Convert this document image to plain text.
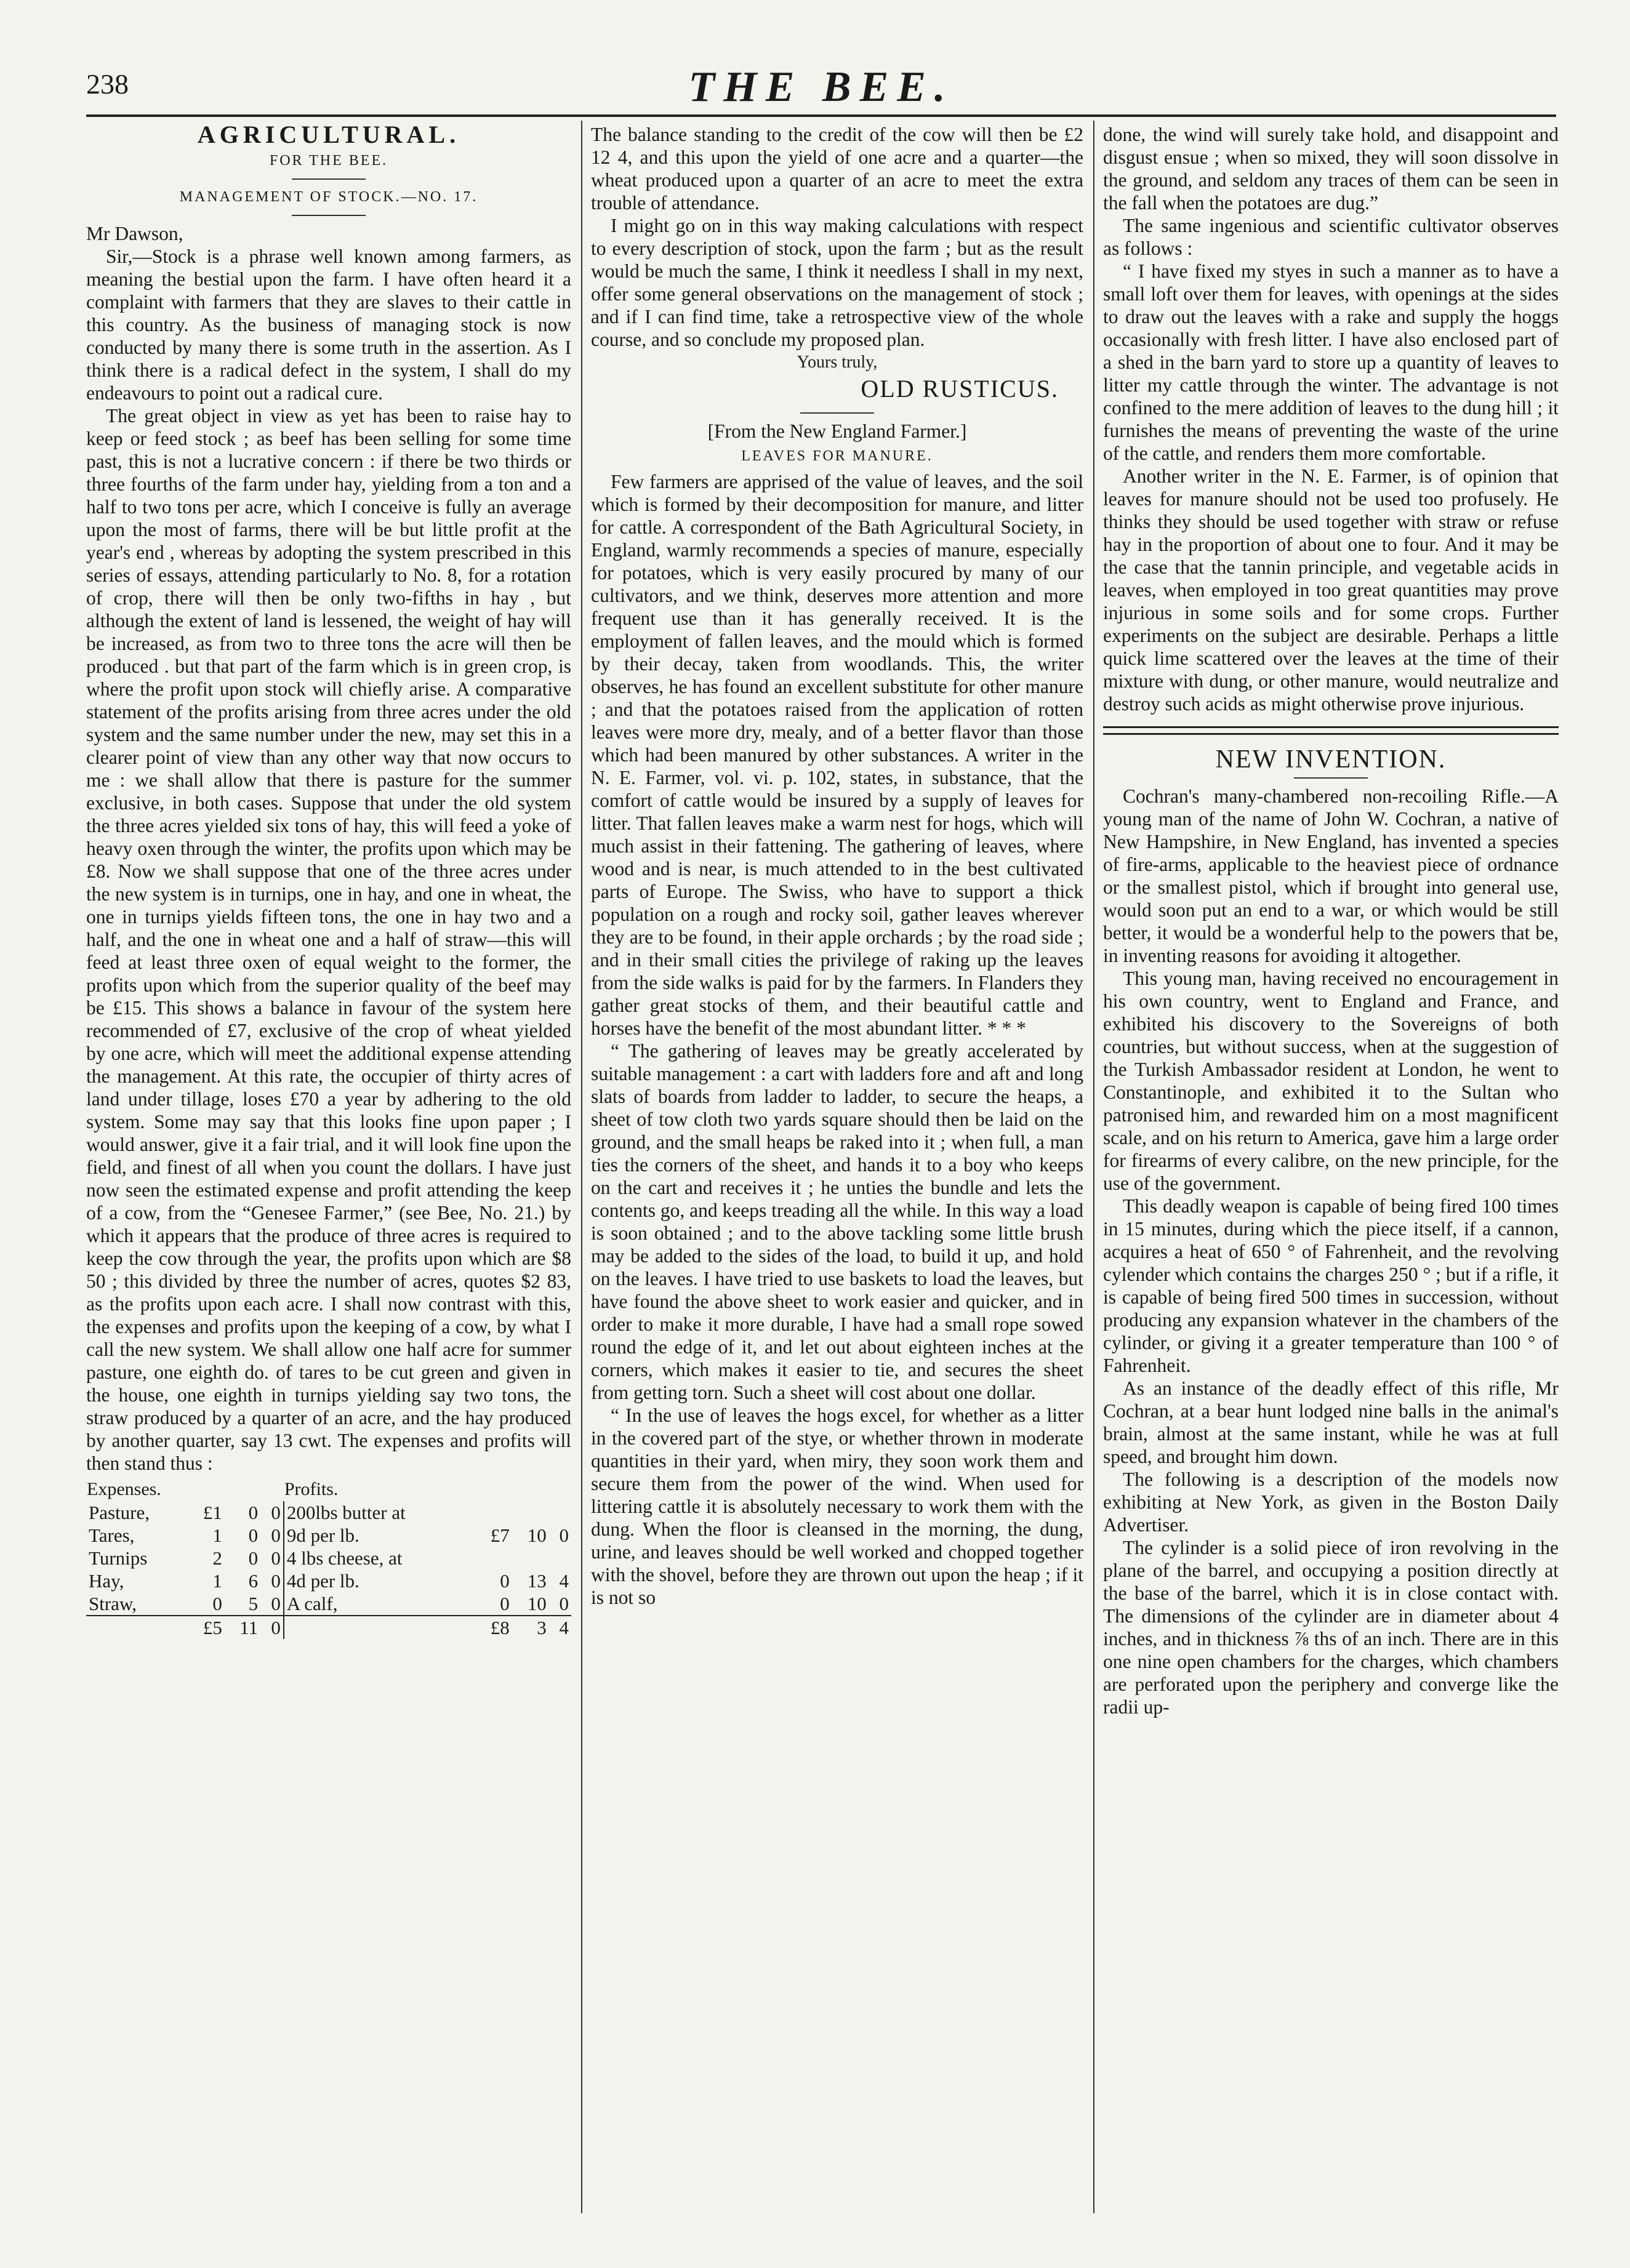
238	THE BEE.
AGRICULTURAL.
FOR THE BEE.
MANAGEMENT OF STOCK.—NO. 17.

Mr Dawson,

Sir,—Stock is a phrase well known among farmers, as meaning the bestial upon the farm. I have often heard it a complaint with farmers that they are slaves to their cattle in this country. As the business of managing stock is now conducted by many there is some truth in the assertion. As I think there is a radical defect in the system, I shall do my endeavours to point out a radical cure.

The great object in view as yet has been to raise hay to keep or feed stock ; as beef has been selling for some time past, this is not a lucrative concern : if there be two thirds or three fourths of the farm under hay, yielding from a ton and a half to two tons per acre, which I conceive is fully an average upon the most of farms, there will be but little profit at the year's end , whereas by adopting the system prescribed in this series of essays, attending particularly to No. 8, for a rotation of crop, there will then be only two-fifths in hay , but although the extent of land is lessened, the weight of hay will be increased, as from two to three tons the acre will then be produced . but that part of the farm which is in green crop, is where the profit upon stock will chiefly arise. A comparative statement of the profits arising from three acres under the old system and the same number under the new, may set this in a clearer point of view than any other way that now occurs to me : we shall allow that there is pasture for the summer exclusive, in both cases. Suppose that under the old system the three acres yielded six tons of hay, this will feed a yoke of heavy oxen through the winter, the profits upon which may be £8. Now we shall suppose that one of the three acres under the new system is in turnips, one in hay, and one in wheat, the one in turnips yields fifteen tons, the one in hay two and a half, and the one in wheat one and a half of straw—this will feed at least three oxen of equal weight to the former, the profits upon which from the superior quality of the beef may be £15. This shows a balance in favour of the system here recommended of £7, exclusive of the crop of wheat yielded by one acre, which will meet the additional expense attending the management. At this rate, the occupier of thirty acres of land under tillage, loses £70 a year by adhering to the old system. Some may say that this looks fine upon paper ; I would answer, give it a fair trial, and it will look fine upon the field, and finest of all when you count the dollars. I have just now seen the estimated expense and profit attending the keep of a cow, from the “Genesee Farmer,” (see Bee, No. 21.) by which it appears that the produce of three acres is required to keep the cow through the year, the profits upon which are $8 50 ; this divided by three the number of acres, quotes $2 83, as the profits upon each acre. I shall now contrast with this, the expenses and profits upon the keeping of a cow, by what I call the new system. We shall allow one half acre for summer pasture, one eighth do. of tares to be cut green and given in the house, one eighth in turnips yielding say two tons, the straw produced by a quarter of an acre, and the hay produced by another quarter, say 13 cwt. The expenses and profits will then stand thus :

Expenses.				Profits.			
Pasture,	£1	0	0	200lbs butter at			
Tares,	1	0	0	9d per lb.	£7	10	0
Turnips	2	0	0	4 lbs cheese, at			
Hay,	1	6	0	4d per lb.	0	13	4
Straw,	0	5	0	A calf,	0	10	0
	£5	11	0		£8	3	4

The balance standing to the credit of the cow will then be £2 12 4, and this upon the yield of one acre and a quarter—the wheat produced upon a quarter of an acre to meet the extra trouble of attendance.

I might go on in this way making calculations with respect to every description of stock, upon the farm ; but as the result would be much the same, I think it needless I shall in my next, offer some general observations on the management of stock ; and if I can find time, take a retrospective view of the whole course, and so conclude my proposed plan.

Yours truly,
OLD RUSTICUS.
[From the New England Farmer.]
LEAVES FOR MANURE.

Few farmers are apprised of the value of leaves, and the soil which is formed by their decomposition for manure, and litter for cattle. A correspondent of the Bath Agricultural Society, in England, warmly recommends a species of manure, especially for potatoes, which is very easily procured by many of our cultivators, and we think, deserves more attention and more frequent use than it has generally received. It is the employment of fallen leaves, and the mould which is formed by their decay, taken from woodlands. This, the writer observes, he has found an excellent substitute for other manure ; and that the potatoes raised from the application of rotten leaves were more dry, mealy, and of a better flavor than those which had been manured by other substances. A writer in the N. E. Farmer, vol. vi. p. 102, states, in substance, that the comfort of cattle would be insured by a supply of leaves for litter. That fallen leaves make a warm nest for hogs, which will much assist in their fattening. The gathering of leaves, where wood and is near, is much attended to in the best cultivated parts of Europe. The Swiss, who have to support a thick population on a rough and rocky soil, gather leaves wherever they are to be found, in their apple orchards ; by the road side ; and in their small cities the privilege of raking up the leaves from the side walks is paid for by the farmers. In Flanders they gather great stocks of them, and their beautiful cattle and horses have the benefit of the most abundant litter. * * *

“ The gathering of leaves may be greatly accelerated by suitable management : a cart with ladders fore and aft and long slats of boards from ladder to ladder, to secure the heaps, a sheet of tow cloth two yards square should then be laid on the ground, and the small heaps be raked into it ; when full, a man ties the corners of the sheet, and hands it to a boy who keeps on the cart and receives it ; he unties the bundle and lets the contents go, and keeps treading all the while. In this way a load is soon obtained ; and to the above tackling some little brush may be added to the sides of the load, to build it up, and hold on the leaves. I have tried to use baskets to load the leaves, but have found the above sheet to work easier and quicker, and in order to make it more durable, I have had a small rope sowed round the edge of it, and let out about eighteen inches at the corners, which makes it easier to tie, and secures the sheet from getting torn. Such a sheet will cost about one dollar.

“ In the use of leaves the hogs excel, for whether as a litter in the covered part of the stye, or whether thrown in moderate quantities in their yard, when miry, they soon work them and secure them from the power of the wind. When used for littering cattle it is absolutely necessary to work them with the dung. When the floor is cleansed in the morning, the dung, urine, and leaves should be well worked and chopped together with the shovel, before they are thrown out upon the heap ; if it is not so

done, the wind will surely take hold, and disappoint and disgust ensue ; when so mixed, they will soon dissolve in the ground, and seldom any traces of them can be seen in the fall when the potatoes are dug.”

The same ingenious and scientific cultivator observes as follows :

“ I have fixed my styes in such a manner as to have a small loft over them for leaves, with openings at the sides to draw out the leaves with a rake and supply the hoggs occasionally with fresh litter. I have also enclosed part of a shed in the barn yard to store up a quantity of leaves to litter my cattle through the winter. The advantage is not confined to the mere addition of leaves to the dung hill ; it furnishes the means of preventing the waste of the urine of the cattle, and renders them more comfortable.

Another writer in the N. E. Farmer, is of opinion that leaves for manure should not be used too profusely. He thinks they should be used together with straw or refuse hay in the proportion of about one to four. And it may be the case that the tannin principle, and vegetable acids in leaves, when employed in too great quantities may prove injurious in some soils and for some crops. Further experiments on the subject are desirable. Perhaps a little quick lime scattered over the leaves at the time of their mixture with dung, or other manure, would neutralize and destroy such acids as might otherwise prove injurious.

NEW INVENTION.

Cochran's many-chambered non-recoiling Rifle.—A young man of the name of John W. Cochran, a native of New Hampshire, in New England, has invented a species of fire-arms, applicable to the heaviest piece of ordnance or the smallest pistol, which if brought into general use, would soon put an end to a war, or which would be still better, it would be a wonderful help to the powers that be, in inventing reasons for avoiding it altogether.

This young man, having received no encouragement in his own country, went to England and France, and exhibited his discovery to the Sovereigns of both countries, but without success, when at the suggestion of the Turkish Ambassador resident at London, he went to Constantinople, and exhibited it to the Sultan who patronised him, and rewarded him on a most magnificent scale, and on his return to America, gave him a large order for firearms of every calibre, on the new principle, for the use of the government.

This deadly weapon is capable of being fired 100 times in 15 minutes, during which the piece itself, if a cannon, acquires a heat of 650 ° of Fahrenheit, and the revolving cylender which contains the charges 250 ° ; but if a rifle, it is capable of being fired 500 times in succession, without producing any expansion whatever in the chambers of the cylinder, or giving it a greater temperature than 100 ° of Fahrenheit.

As an instance of the deadly effect of this rifle, Mr Cochran, at a bear hunt lodged nine balls in the animal's brain, almost at the same instant, while he was at full speed, and brought him down.

The following is a description of the models now exhibiting at New York, as given in the Boston Daily Advertiser.

The cylinder is a solid piece of iron revolving in the plane of the barrel, and occupying a position directly at the base of the barrel, which it is in close contact with. The dimensions of the cylinder are in diameter about 4 inches, and in thickness ⅞ ths of an inch. There are in this one nine open chambers for the charges, which chambers are perforated upon the periphery and converge like the radii up-
